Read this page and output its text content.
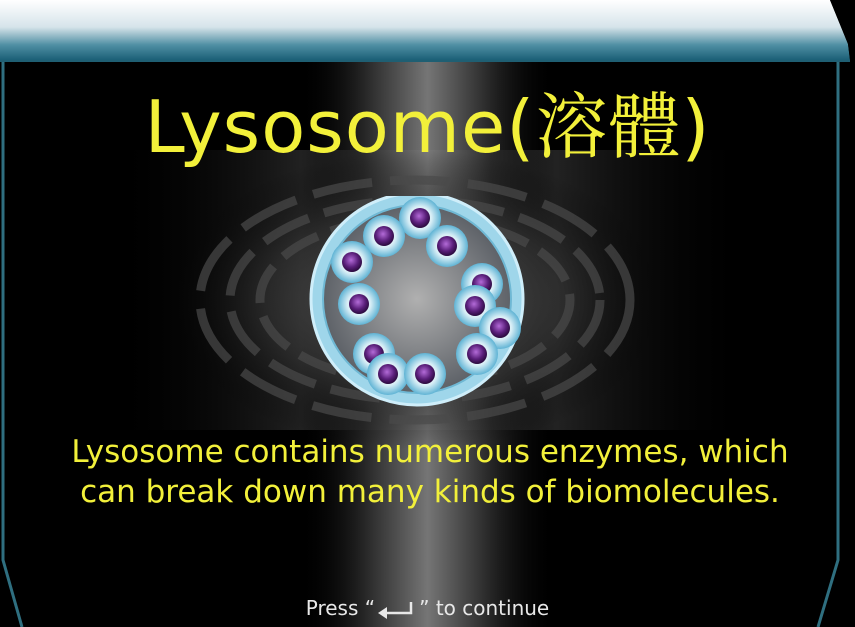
Lysosome(溶體)
Lysosome contains numerous enzymes, which
can break down many kinds of biomolecules.
Press “ ” to continue
